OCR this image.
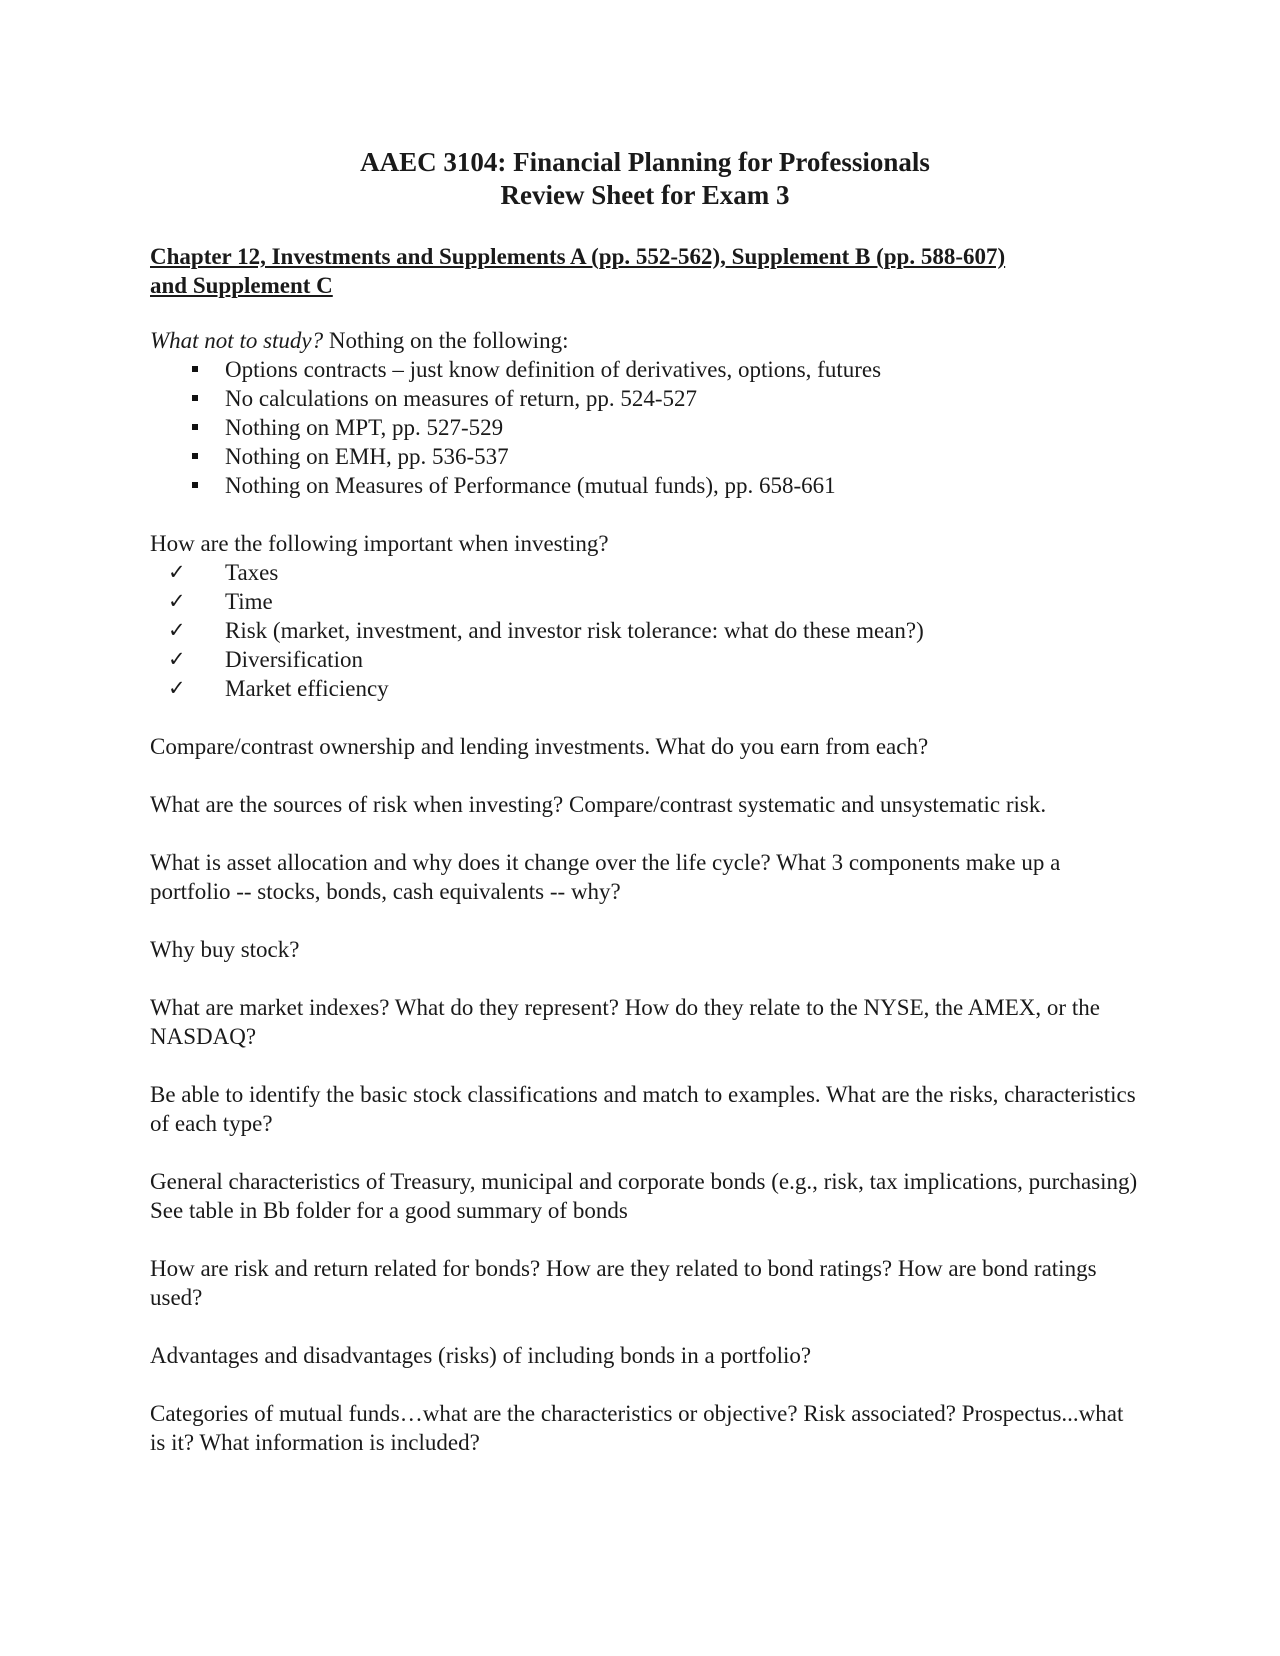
AAEC 3104: Financial Planning for Professionals
Review Sheet for Exam 3
Chapter 12, Investments and Supplements A (pp. 552-562), Supplement B (pp. 588-607)
and Supplement C
What not to study? Nothing on the following:
Options contracts – just know definition of derivatives, options, futures
No calculations on measures of return, pp. 524-527
Nothing on MPT, pp. 527-529
Nothing on EMH, pp. 536-537
Nothing on Measures of Performance (mutual funds), pp. 658-661
How are the following important when investing?
✓	Taxes
✓	Time
✓	Risk (market, investment, and investor risk tolerance: what do these mean?)
✓	Diversification
✓	Market efficiency

Compare/contrast ownership and lending investments. What do you earn from each?

What are the sources of risk when investing? Compare/contrast systematic and unsystematic risk.

What is asset allocation and why does it change over the life cycle? What 3 components make up a portfolio -- stocks, bonds, cash equivalents -- why?

Why buy stock?

What are market indexes? What do they represent? How do they relate to the NYSE, the AMEX, or the NASDAQ?

Be able to identify the basic stock classifications and match to examples. What are the risks, characteristics of each type?

General characteristics of Treasury, municipal and corporate bonds (e.g., risk, tax implications, purchasing) See table in Bb folder for a good summary of bonds

How are risk and return related for bonds? How are they related to bond ratings? How are bond ratings used?

Advantages and disadvantages (risks) of including bonds in a portfolio?

Categories of mutual funds…what are the characteristics or objective? Risk associated? Prospectus...what is it? What information is included?
